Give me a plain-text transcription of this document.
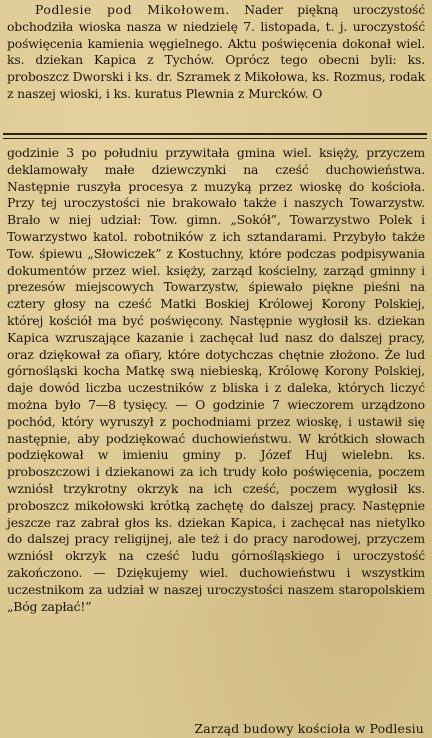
Podlesie pod Mikołowem. Nader piękną uroczystość obchodziła wioska nasza w niedzielę 7. listopada, t. j. uroczystość poświęcenia kamienia węgielnego. Aktu poświęcenia dokonał wiel. ks. dziekan Kapica z Tychów. Oprócz tego obecni byli: ks. proboszcz Dworski i ks. dr. Szramek z Mikołowa, ks. Rozmus, rodak z naszej wioski, i ks. kuratus Plewnia z Murcków. O

godzinie 3 po południu przywitała gmina wiel. księży, przyczem deklamowały małe dziewczynki na cześć duchowieństwa. Następnie ruszyła procesya z muzyką przez wioskę do kościoła. Przy tej uroczystości nie brakowało także i naszych Towarzystw. Brało w niej udział: Tow. gimn. „Sokół”, Towarzystwo Polek i Towarzystwo katol. robotników z ich sztandarami. Przybyło także Tow. śpiewu „Słowiczek” z Kostuchny, które podczas podpisywania dokumentów przez wiel. księży, zarząd kościelny, zarząd gminny i prezesów miejscowych Towarzystw, śpiewało piękne pieśni na cztery głosy na cześć Matki Boskiej Królowej Korony Polskiej, której kościół ma być poświęcony. Następnie wygłosił ks. dziekan Kapica wzruszające kazanie i zachęcał lud nasz do dalszej pracy, oraz dziękował za ofiary, które dotychczas chętnie złożono. Że lud górnośląski kocha Matkę swą niebieską, Królowę Korony Polskiej, daje dowód liczba uczestników z bliska i z daleka, których liczyć można było 7—8 tysięcy. — O godzinie 7 wieczorem urządzono pochód, który wyruszył z pochodniami przez wioskę, i ustawił się następnie, aby podziękować duchowieństwu. W krótkich słowach podziękował w imieniu gminy p. Józef Huj wielebn. ks. proboszczowi i dziekanowi za ich trudy koło poświęcenia, poczem wzniósł trzykrotny okrzyk na ich cześć, poczem wygłosił ks. proboszcz mikołowski krótką zachętę do dalszej pracy. Następnie jeszcze raz zabrał głos ks. dziekan Kapica, i zachęcał nas nietylko do dalszej pracy religijnej, ale też i do pracy narodowej, przyczem wzniósł okrzyk na cześć ludu górnośląskiego i uroczystość zakończono. — Dziękujemy wiel. duchowieństwu i wszystkim uczestnikom za udział w naszej uroczystości naszem staropolskiem „Bóg zapłać!”

Zarząd budowy kościoła w Podlesiu
